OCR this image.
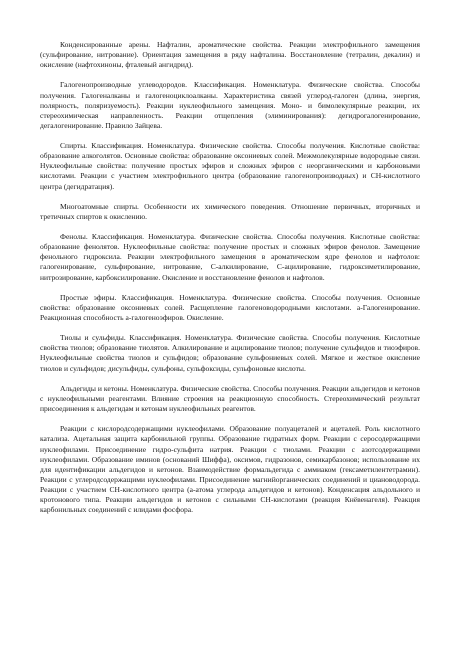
Конденсированные арены. Нафталин, ароматические свойства. Реакции электрофильного замещения (сульфирование, нитрование). Ориентация замещения в ряду нафталина. Восстановление (тетралин, декалин) и окисление (нафтохиноны, фталевый ангидрид).

Галогенопроизводные углеводородов. Классификация. Номенклатура. Физические свойства. Способы получения. Галогеналканы и галогеноциклоалканы. Характеристика связей углерод-галоген (длина, энергия, полярность, поляризуемость). Реакции нуклеофильного замещения. Моно- и бимолекулярные реакции, их стереохимическая направленность. Реакции отщепления (элиминирования): дегидрогалогенирование, дегалогенирование. Правило Зайцева.

Спирты. Классификация. Номенклатура. Физические свойства. Способы получения. Кислотные свойства: образование алкоголятов. Основные свойства: образование оксониевых солей. Межмолекулярные водородные связи. Нуклеофильные свойства: получение простых эфиров и сложных эфиров с неорганическими и карбоновыми кислотами. Реакции с участием электрофильного центра (образование галогенопроизводных) и CH-кислотного центра (дегидратация).

Многоатомные спирты. Особенности их химического поведения. Отношение первичных, вторичных и третичных спиртов к окислению.

Фенолы. Классификация. Номенклатура. Физические свойства. Способы получения. Кислотные свойства: образование фенолятов. Нуклеофильные свойства: получение простых и сложных эфиров фенолов. Замещение фенольного гидроксила. Реакции электрофильного замещения в ароматическом ядре фенолов и нафтолов: галогенирование, сульфирование, нитрование, С-алкилирование, С-ацилирование, гидроксиметилирование, нитрозирование, карбоксилирование. Окисление и восстановление фенолов и нафтолов.

Простые эфиры. Классификация. Номенклатура. Физические свойства. Способы получения. Основные свойства: образование оксониевых солей. Расщепление галогеноводородными кислотами. a-Галогенирование. Реакционная способность a-галогеноэфиров. Окисление.

Тиолы и сульфиды. Классификация. Номенклатура. Физические свойства. Способы получения. Кислотные свойства тиолов; образование тиолятов. Алкилирование и ацилирование тиолов; получение сульфидов и тиоэфиров. Нуклеофильные свойства тиолов и сульфидов; образование сульфониевых солей. Мягкое и жесткое окисление тиолов и сульфидов; дисульфиды, сульфоны, сульфоксиды, сульфоновые кислоты.

Альдегиды и кетоны. Номенклатура. Физические свойства. Способы получения. Реакции альдегидов и кетонов с нуклеофильными реагентами. Влияние строения на реакционную способность. Стереохимический результат присоединения к альдегидам и кетонам нуклеофильных реагентов.

Реакции с кислородсодержащими нуклеофилами. Образование полуацеталей и ацеталей. Роль кислотного катализа. Ацетальная защита карбонильной группы. Образование гидратных форм. Реакции с серосодержащими нуклеофилами. Присоединение гидро-сульфита натрия. Реакции с тиолами. Реакции с азотсодержащими нуклеофилами. Образование иминов (оснований Шиффа), оксимов, гидразонов, семикарбазонов; использование их для идентификации альдегидов и кетонов. Взаимодействие формальдегида с аммиаком (гексаметилентетрамин). Реакции с углеродсодержащими нуклеофилами. Присоединение магнийорганических соединений и циановодорода. Реакции с участием CH-кислотного центра (а-атома углерода альдегидов и кетонов). Конденсация альдольного и кротонового типа. Реакции альдегидов и кетонов с сильными CH-кислотами (реакция Кнёвенагеля). Реакция карбонильных соединений с илидами фосфора.
